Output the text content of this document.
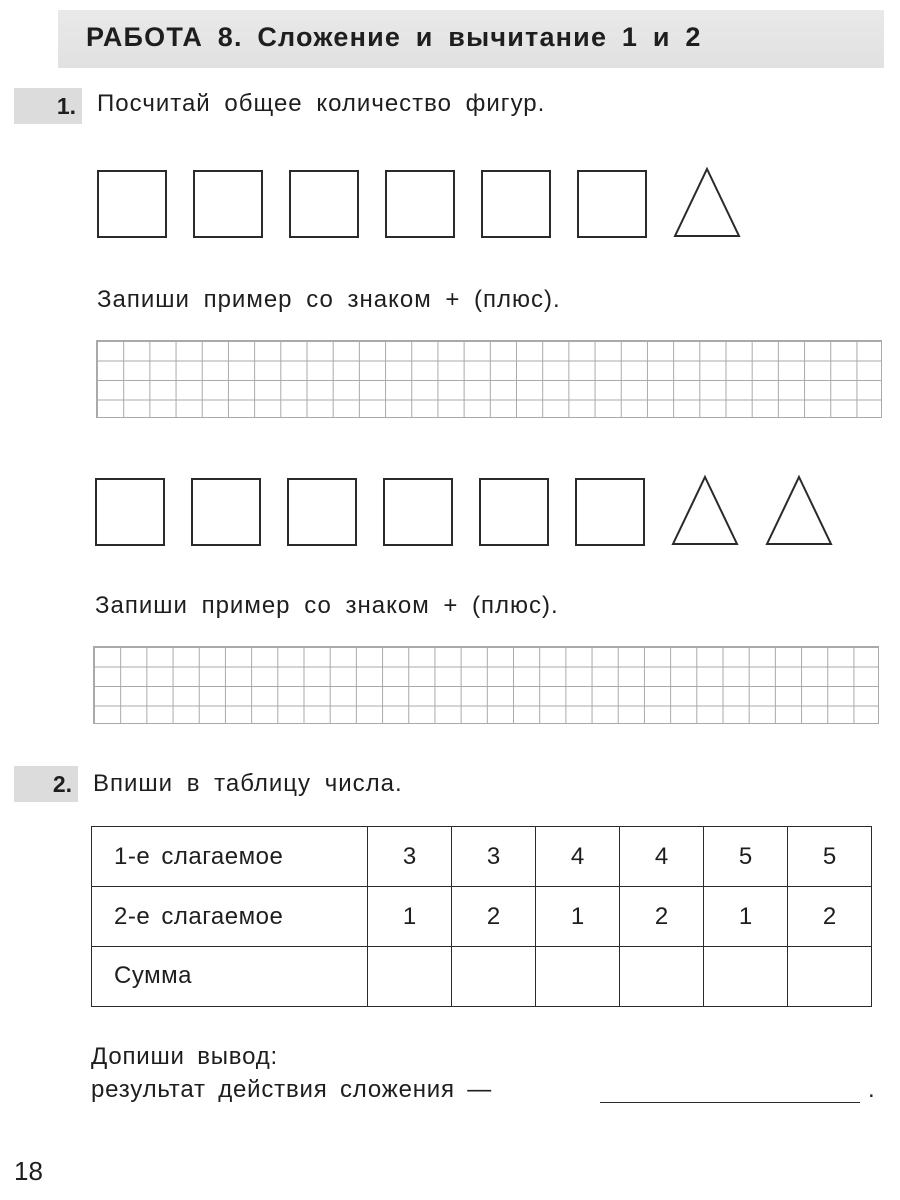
РАБОТА 8. Сложение и вычитание 1 и 2
1. Посчитай общее количество фигур.
Запиши пример со знаком + (плюс).
Запиши пример со знаком + (плюс).
2. Впиши в таблицу числа.
1-е слагаемое	3	3	4	4	5	5
2-е слагаемое	1	2	1	2	1	2
Сумма						
Допиши вывод:
результат действия сложения —	.
18
